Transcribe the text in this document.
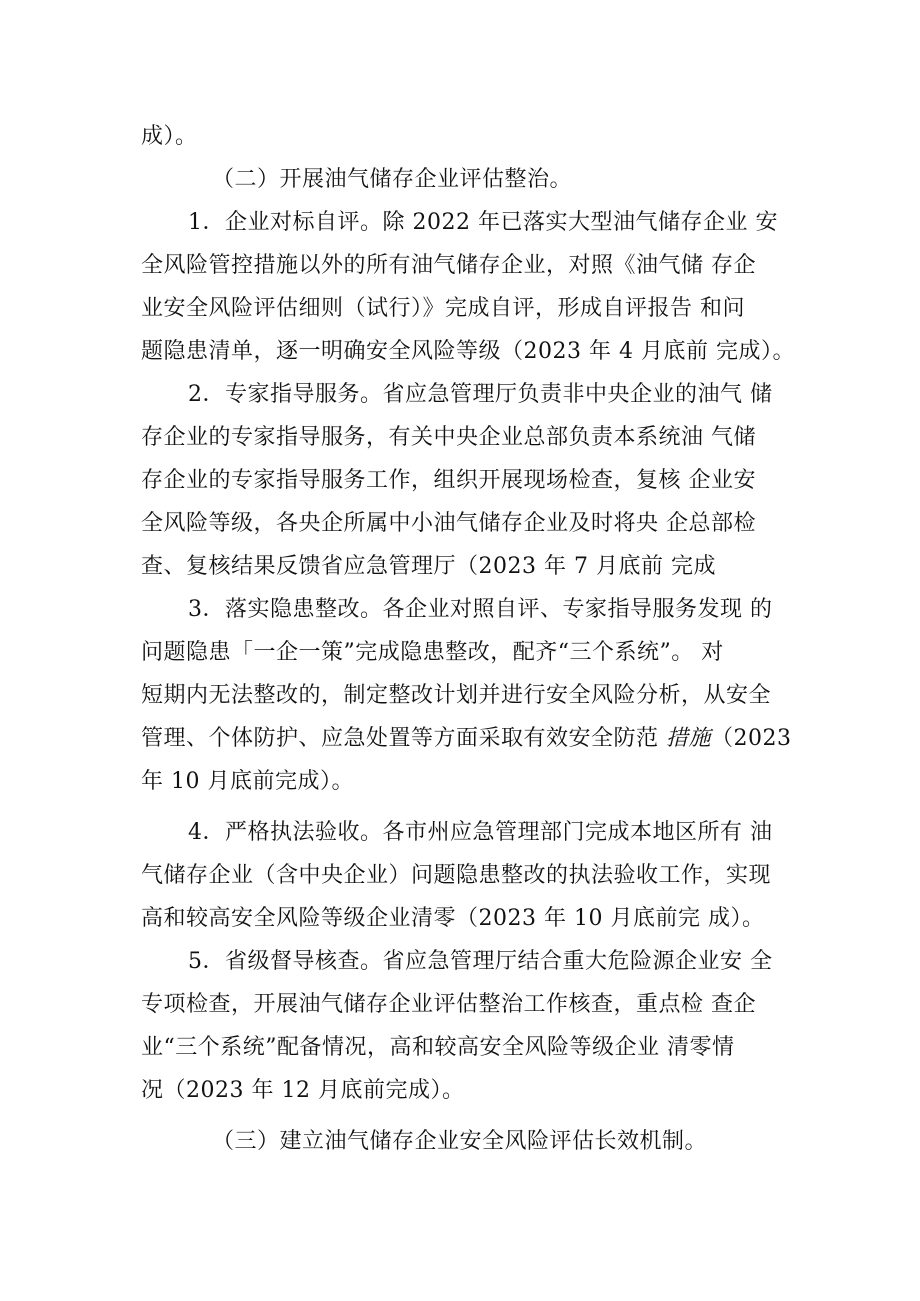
成）。
（二）开展油气储存企业评估整治。
1．企业对标自评。除 2022 年已落实大型油气储存企业 安
全风险管控措施以外的所有油气储存企业，对照《油气储 存企
业安全风险评估细则（试行）》完成自评，形成自评报告 和问
题隐患清单，逐一明确安全风险等级（2023 年 4 月底前 完成）。
2．专家指导服务。省应急管理厅负责非中央企业的油气 储
存企业的专家指导服务，有关中央企业总部负责本系统油 气储
存企业的专家指导服务工作，组织开展现场检查，复核 企业安
全风险等级，各央企所属中小油气储存企业及时将央 企总部检
查、复核结果反馈省应急管理厅（2023 年 7 月底前 完成
3．落实隐患整改。各企业对照自评、专家指导服务发现 的
问题隐患「一企一策”完成隐患整改，配齐“三个系统”。 对
短期内无法整改的，制定整改计划并进行安全风险分析，从安全
管理、个体防护、应急处置等方面采取有效安全防范 措施（2023
年 10 月底前完成）。
4．严格执法验收。各市州应急管理部门完成本地区所有 油
气储存企业（含中央企业）问题隐患整改的执法验收工作，实现
高和较高安全风险等级企业清零（2023 年 10 月底前完 成）。
5．省级督导核查。省应急管理厅结合重大危险源企业安 全
专项检查，开展油气储存企业评估整治工作核查，重点检 查企
业“三个系统”配备情况，高和较高安全风险等级企业 清零情
况（2023 年 12 月底前完成）。
（三）建立油气储存企业安全风险评估长效机制。
